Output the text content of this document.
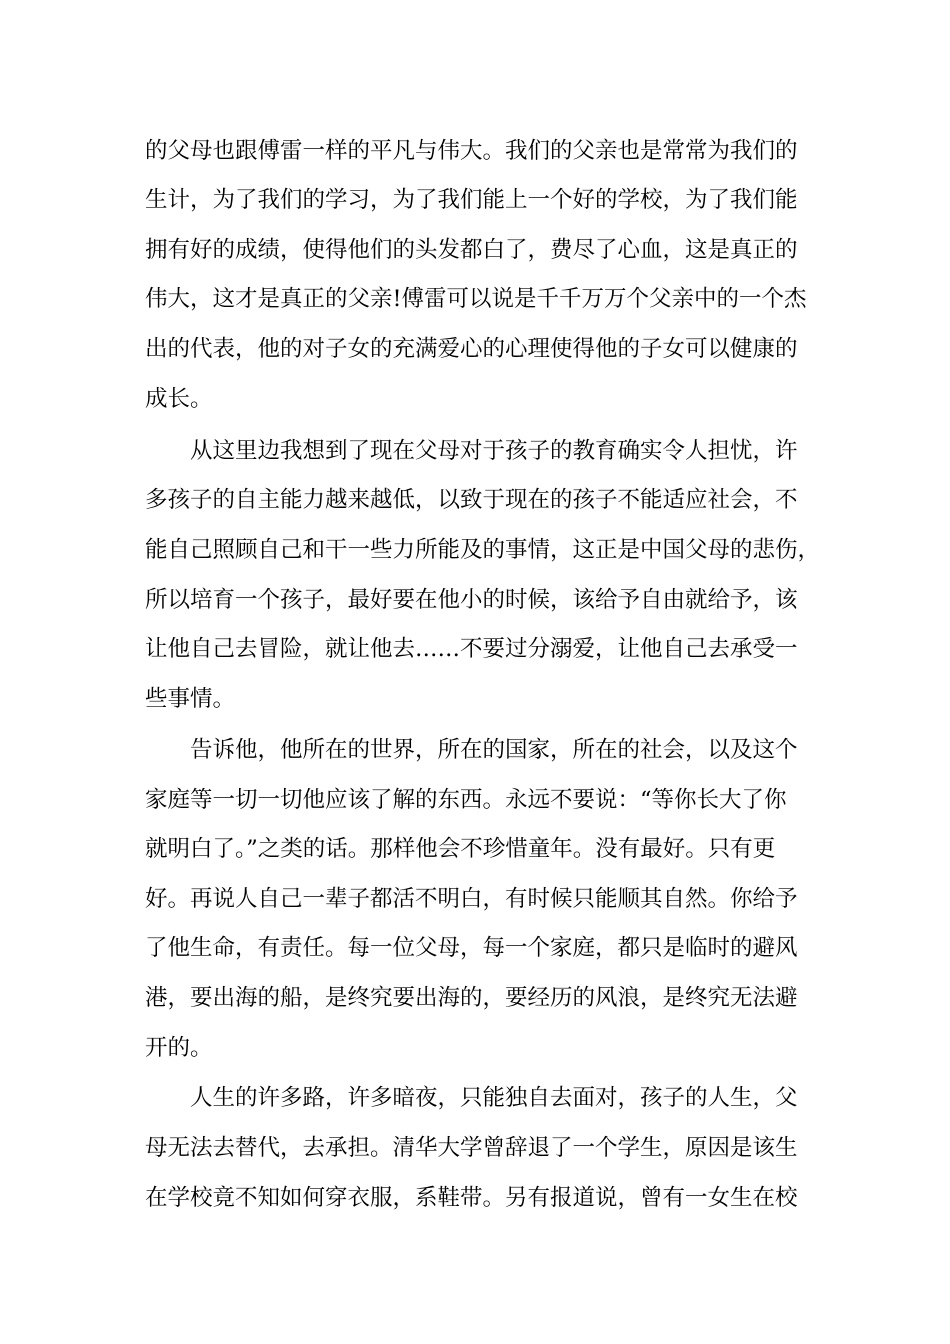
的父母也跟傅雷一样的平凡与伟大。我们的父亲也是常常为我们的
生计，为了我们的学习，为了我们能上一个好的学校，为了我们能
拥有好的成绩，使得他们的头发都白了，费尽了心血，这是真正的
伟大，这才是真正的父亲!傅雷可以说是千千万万个父亲中的一个杰
出的代表，他的对子女的充满爱心的心理使得他的子女可以健康的
成长。
从这里边我想到了现在父母对于孩子的教育确实令人担忧，许
多孩子的自主能力越来越低，以致于现在的孩子不能适应社会，不
能自己照顾自己和干一些力所能及的事情，这正是中国父母的悲伤，
所以培育一个孩子，最好要在他小的时候，该给予自由就给予，该
让他自己去冒险，就让他去……不要过分溺爱，让他自己去承受一
些事情。
告诉他，他所在的世界，所在的国家，所在的社会，以及这个
家庭等一切一切他应该了解的东西。永远不要说：“等你长大了你
就明白了。”之类的话。那样他会不珍惜童年。没有最好。只有更
好。再说人自己一辈子都活不明白，有时候只能顺其自然。你给予
了他生命，有责任。每一位父母，每一个家庭，都只是临时的避风
港，要出海的船，是终究要出海的，要经历的风浪，是终究无法避
开的。
人生的许多路，许多暗夜，只能独自去面对，孩子的人生，父
母无法去替代，去承担。清华大学曾辞退了一个学生，原因是该生
在学校竟不知如何穿衣服，系鞋带。另有报道说，曾有一女生在校
